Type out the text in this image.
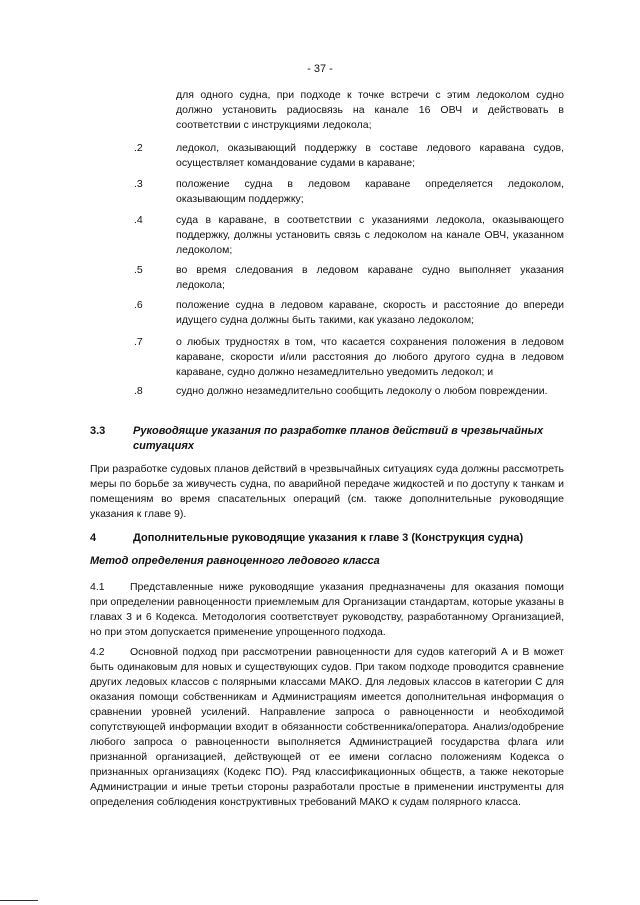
- 37 -
для одного судна, при подходе к точке встречи с этим ледоколом судно должно установить радиосвязь на канале 16 ОВЧ и действовать в соответствии с инструкциями ледокола;
.2	ледокол, оказывающий поддержку в составе ледового каравана судов, осуществляет командование судами в караване;
.3	положение судна в ледовом караване определяется ледоколом, оказывающим поддержку;
.4	суда в караване, в соответствии с указаниями ледокола, оказывающего поддержку, должны установить связь с ледоколом на канале ОВЧ, указанном ледоколом;
.5	во время следования в ледовом караване судно выполняет указания ледокола;
.6	положение судна в ледовом караване, скорость и расстояние до впереди идущего судна должны быть такими, как указано ледоколом;
.7	о любых трудностях в том, что касается сохранения положения в ледовом караване, скорости и/или расстояния до любого другого судна в ледовом караване, судно должно незамедлительно уведомить ледокол; и
.8	судно должно незамедлительно сообщить ледоколу о любом повреждении.
3.3	Руководящие указания по разработке планов действий в чрезвычайных ситуациях
При разработке судовых планов действий в чрезвычайных ситуациях суда должны рассмотреть меры по борьбе за живучесть судна, по аварийной передаче жидкостей и по доступу к танкам и помещениям во время спасательных операций (см. также дополнительные руководящие указания к главе 9).
4	Дополнительные руководящие указания к главе 3 (Конструкция судна)
Метод определения равноценного ледового класса
4.1 Представленные ниже руководящие указания предназначены для оказания помощи при определении равноценности приемлемым для Организации стандартам, которые указаны в главах 3 и 6 Кодекса. Методология соответствует руководству, разработанному Организацией, но при этом допускается применение упрощенного подхода.
4.2 Основной подход при рассмотрении равноценности для судов категорий А и В может быть одинаковым для новых и существующих судов. При таком подходе проводится сравнение других ледовых классов с полярными классами МАКО. Для ледовых классов в категории С для оказания помощи собственникам и Администрациям имеется дополнительная информация о сравнении уровней усилений. Направление запроса о равноценности и необходимой сопутствующей информации входит в обязанности собственника/оператора. Анализ/одобрение любого запроса о равноценности выполняется Администрацией государства флага или признанной организацией, действующей от ее имени согласно положениям Кодекса о признанных организациях (Кодекс ПО). Ряд классификационных обществ, а также некоторые Администрации и иные третьи стороны разработали простые в применении инструменты для определения соблюдения конструктивных требований МАКО к судам полярного класса.
